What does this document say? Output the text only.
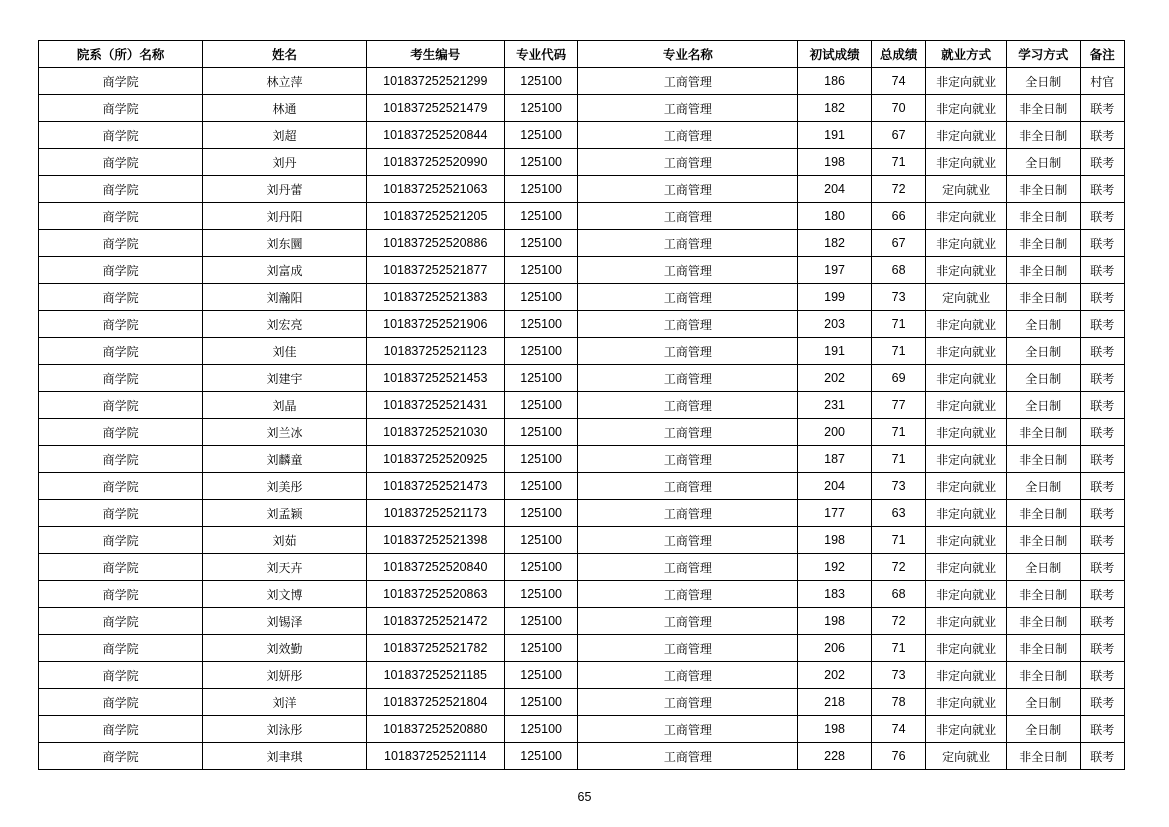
院系（所）名称	姓名	考生编号	专业代码	专业名称	初试成绩	总成绩	就业方式	学习方式	备注
商学院	林立萍	101837252521299	125100	工商管理	186	74	非定向就业	全日制	村官
商学院	林通	101837252521479	125100	工商管理	182	70	非定向就业	非全日制	联考
商学院	刘超	101837252520844	125100	工商管理	191	67	非定向就业	非全日制	联考
商学院	刘丹	101837252520990	125100	工商管理	198	71	非定向就业	全日制	联考
商学院	刘丹蕾	101837252521063	125100	工商管理	204	72	定向就业	非全日制	联考
商学院	刘丹阳	101837252521205	125100	工商管理	180	66	非定向就业	非全日制	联考
商学院	刘东圜	101837252520886	125100	工商管理	182	67	非定向就业	非全日制	联考
商学院	刘富成	101837252521877	125100	工商管理	197	68	非定向就业	非全日制	联考
商学院	刘瀚阳	101837252521383	125100	工商管理	199	73	定向就业	非全日制	联考
商学院	刘宏亮	101837252521906	125100	工商管理	203	71	非定向就业	全日制	联考
商学院	刘佳	101837252521123	125100	工商管理	191	71	非定向就业	全日制	联考
商学院	刘建宇	101837252521453	125100	工商管理	202	69	非定向就业	全日制	联考
商学院	刘晶	101837252521431	125100	工商管理	231	77	非定向就业	全日制	联考
商学院	刘兰冰	101837252521030	125100	工商管理	200	71	非定向就业	非全日制	联考
商学院	刘麟童	101837252520925	125100	工商管理	187	71	非定向就业	非全日制	联考
商学院	刘美彤	101837252521473	125100	工商管理	204	73	非定向就业	全日制	联考
商学院	刘孟颖	101837252521173	125100	工商管理	177	63	非定向就业	非全日制	联考
商学院	刘茹	101837252521398	125100	工商管理	198	71	非定向就业	非全日制	联考
商学院	刘天卉	101837252520840	125100	工商管理	192	72	非定向就业	全日制	联考
商学院	刘文博	101837252520863	125100	工商管理	183	68	非定向就业	非全日制	联考
商学院	刘锡泽	101837252521472	125100	工商管理	198	72	非定向就业	非全日制	联考
商学院	刘效勤	101837252521782	125100	工商管理	206	71	非定向就业	非全日制	联考
商学院	刘妍彤	101837252521185	125100	工商管理	202	73	非定向就业	非全日制	联考
商学院	刘洋	101837252521804	125100	工商管理	218	78	非定向就业	全日制	联考
商学院	刘泳彤	101837252520880	125100	工商管理	198	74	非定向就业	全日制	联考
商学院	刘聿琪	101837252521114	125100	工商管理	228	76	定向就业	非全日制	联考
65
